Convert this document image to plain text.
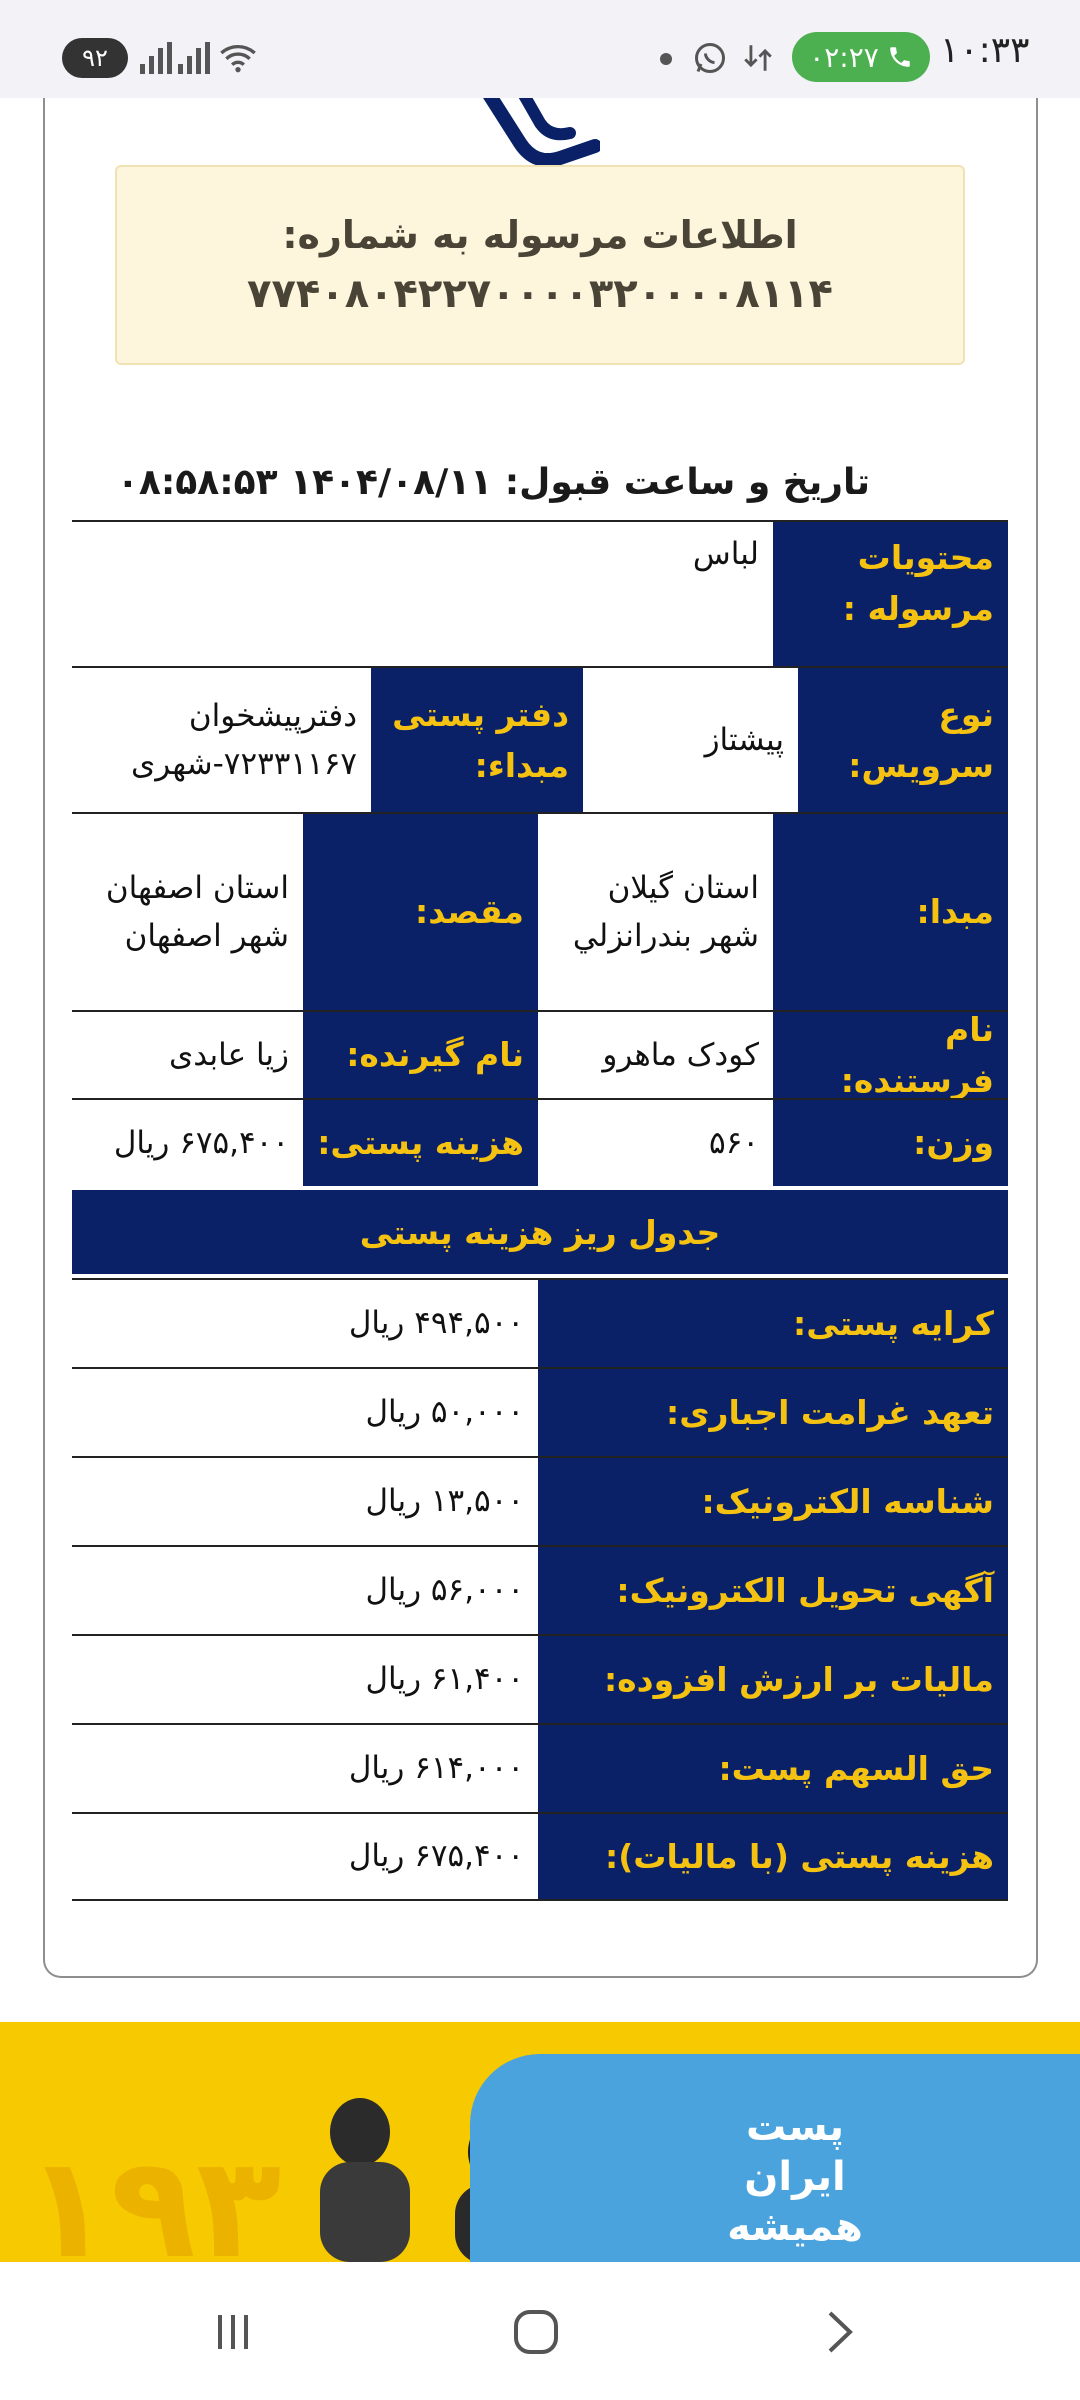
۱۰:۳۳
۰۲:۲۷
۹۲
اطلاعات مرسوله به شماره:
۷۷۴۰۸۰۴۲۲۷۰۰۰۰۳۲۰۰۰۰۸۱۱۴
تاریخ و ساعت قبول: ۱۴۰۴/۰۸/۱۱ ۰۸:۵۸:۵۳
محتویات مرسوله :
لباس
نوع سرویس:
پیشتاز
دفتر پستی مبداء:
دفترپیشخوان ۷۲۳۳۱۱۶۷-شهری
مبدا:
استان گیلان شهر بندرانزلي
مقصد:
استان اصفهان شهر اصفهان
نام فرستنده:
کودک ماهرو
نام گیرنده:
زیا عابدی
وزن:
۵۶۰
هزینه پستی:
۶۷۵,۴۰۰ ریال
جدول ریز هزینه پستی
کرایه پستی:
۴۹۴,۵۰۰ ریال
تعهد غرامت اجباری:
۵۰,۰۰۰ ریال
شناسه الکترونیک:
۱۳,۵۰۰ ریال
آگهی تحویل الکترونیک:
۵۶,۰۰۰ ریال
مالیات بر ارزش افزوده:
۶۱,۴۰۰ ریال
حق السهم پست:
۶۱۴,۰۰۰ ریال
هزینه پستی (با مالیات):
۶۷۵,۴۰۰ ریال
۱۹۳	پست
ایران
همیشه
